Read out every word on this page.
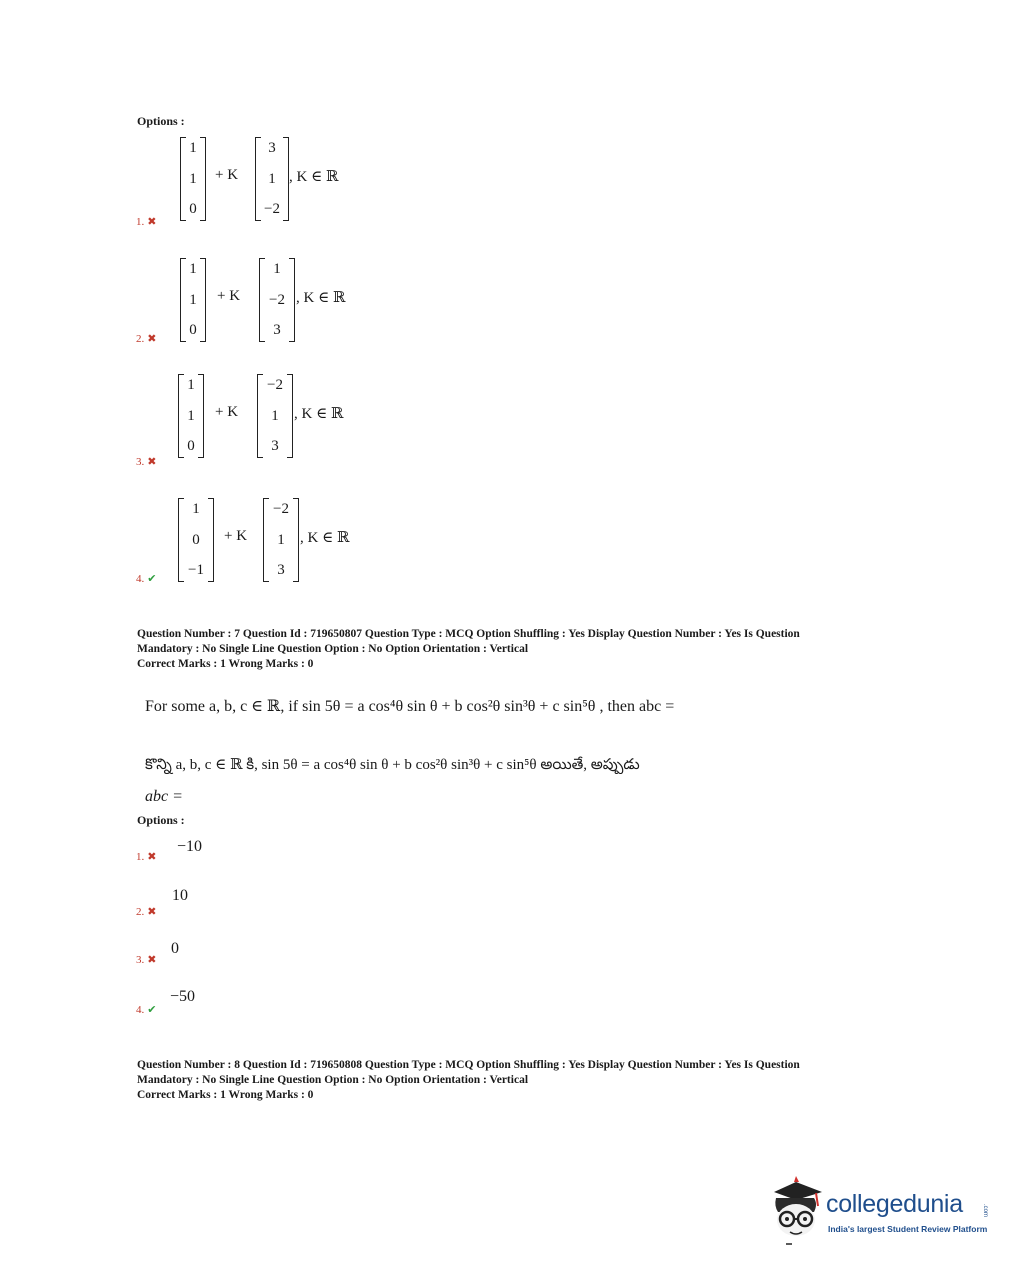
Options :
1
1
0
+ K
3
1
−2
, K ∈ ℝ
1. ✖
1
1
0
+ K
1
−2
3
, K ∈ ℝ
2. ✖
1
1
0
+ K
−2
1
3
, K ∈ ℝ
3. ✖
1
0
−1
+ K
−2
1
3
, K ∈ ℝ
4. ✔
Question Number : 7 Question Id : 719650807 Question Type : MCQ Option Shuffling : Yes Display Question Number : Yes Is Question
Mandatory : No Single Line Question Option : No Option Orientation : Vertical
Correct Marks : 1 Wrong Marks : 0
For some a, b, c ∈ ℝ, if sin 5θ = a cos⁴θ sin θ + b cos²θ sin³θ + c sin⁵θ , then abc =
కొన్ని a, b, c ∈ ℝ కి, sin 5θ = a cos⁴θ sin θ + b cos²θ sin³θ + c sin⁵θ అయితే, అప్పుడు
abc =
Options :
−10
1. ✖
10
2. ✖
0
3. ✖
−50
4. ✔
Question Number : 8 Question Id : 719650808 Question Type : MCQ Option Shuffling : Yes Display Question Number : Yes Is Question
Mandatory : No Single Line Question Option : No Option Orientation : Vertical
Correct Marks : 1 Wrong Marks : 0
collegedunia	.com
India's largest Student Review Platform
